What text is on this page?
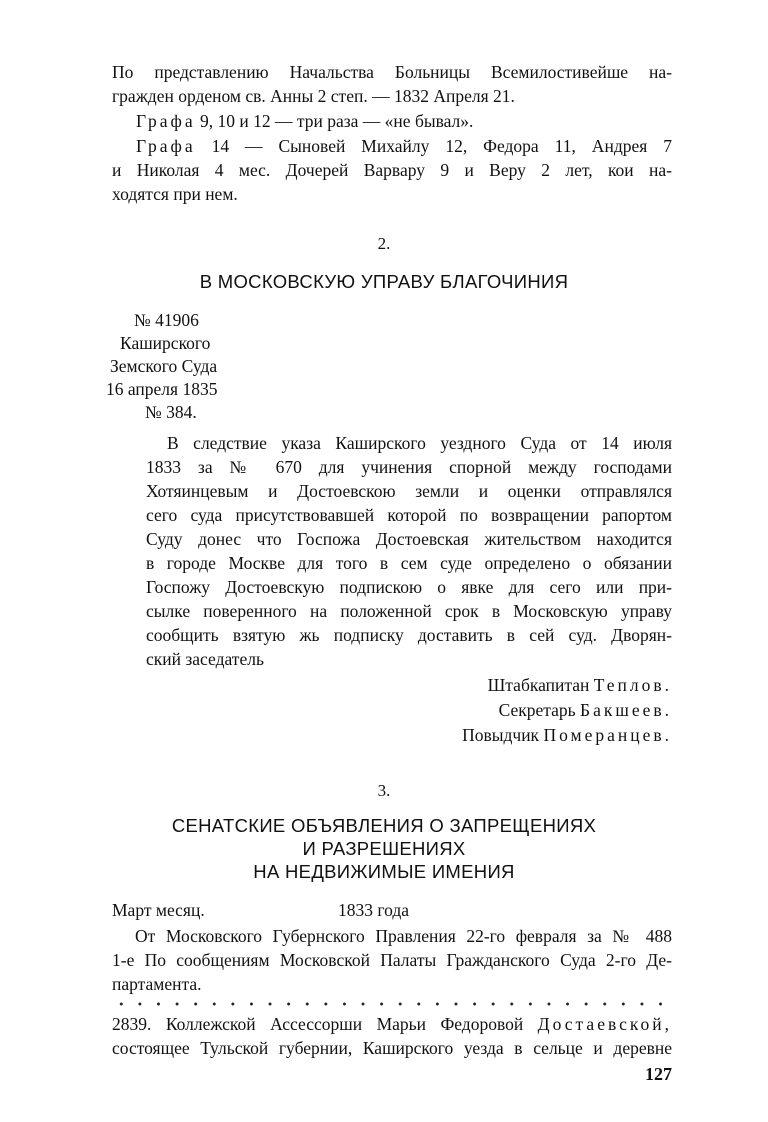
По представлению Начальства Больницы Всемилостивейше на-
гражден орденом св. Анны 2 степ. — 1832 Апреля 21.
Графа 9, 10 и 12 — три раза — «не бывал».
Графа 14 — Сыновей Михайлу 12, Федора 11, Андрея 7
и Николая 4 мес. Дочерей Варвару 9 и Веру 2 лет, кои на-
ходятся при нем.
2.
В МОСКОВСКУЮ УПРАВУ БЛАГОЧИНИЯ
№ 41906
Каширского
Земского Суда
16 апреля 1835
№ 384.
В следствие указа Каширского уездного Суда от 14 июля
1833 за № 670 для учинения спорной между господами
Хотяинцевым и Достоевскою земли и оценки отправлялся
сего суда присутствовавшей которой по возвращении рапортом
Суду донес что Госпожа Достоевская жительством находится
в городе Москве для того в сем суде определено о обязании
Госпожу Достоевскую подпискою о явке для сего или при-
сылке поверенного на положенной срок в Московскую управу
сообщить взятую жь подписку доставить в сей суд. Дворян-
ский заседатель
Штабкапитан Теплов.
Секретарь Бакшеев.
Повыдчик Померанцев.
3.
СЕНАТСКИЕ ОБЪЯВЛЕНИЯ О ЗАПРЕЩЕНИЯХ
И РАЗРЕШЕНИЯХ
НА НЕДВИЖИМЫЕ ИМЕНИЯ
Март месяц.	1833 года
От Московского Губернского Правления 22-го февраля за № 488
1-е По сообщениям Московской Палаты Гражданского Суда 2-го Де-
партамента.
2839. Коллежской Ассессорши Марьи Федоровой Достаевской,
состоящее Тульской губернии, Каширского уезда в сельце и деревне
127
